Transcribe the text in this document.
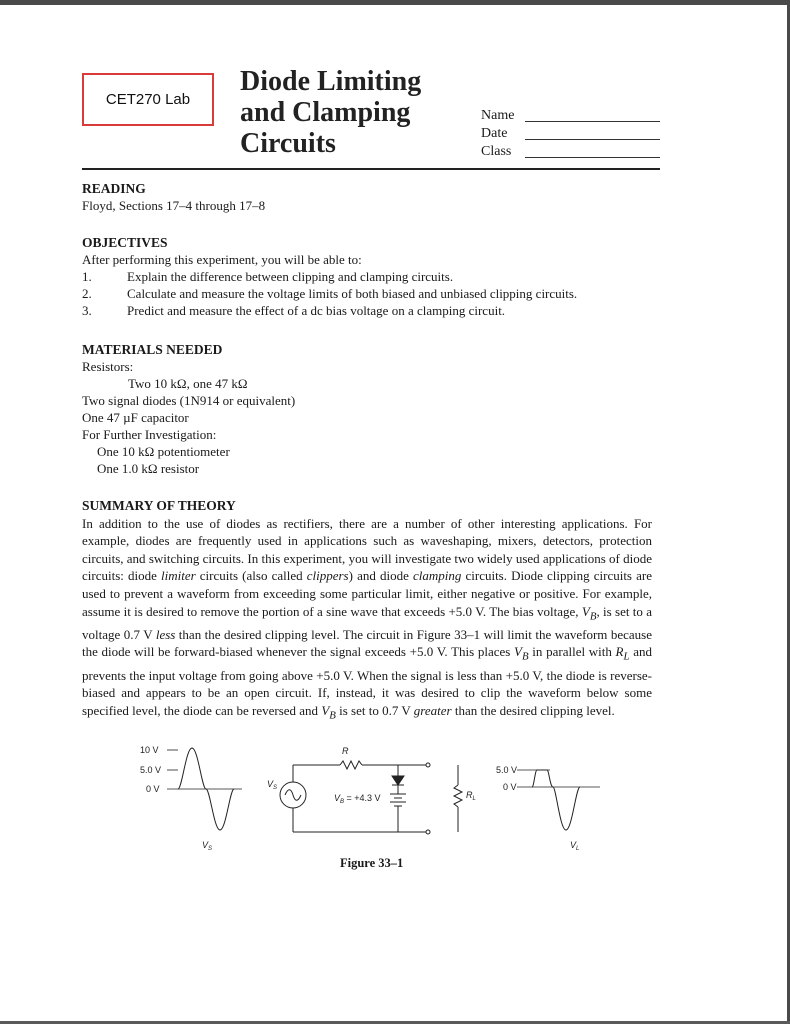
CET270 Lab
Diode Limiting
and Clamping
Circuits
Name
Date
Class
READING
Floyd, Sections 17–4 through 17–8
OBJECTIVES
After performing this experiment, you will be able to:
1.	Explain the difference between clipping and clamping circuits.
2.	Calculate and measure the voltage limits of both biased and unbiased clipping circuits.
3.	Predict and measure the effect of a dc bias voltage on a clamping circuit.
MATERIALS NEEDED
Resistors:
Two 10 kΩ, one 47 kΩ
Two signal diodes (1N914 or equivalent)
One 47 µF capacitor
For Further Investigation:
One 10 kΩ potentiometer
One 1.0 kΩ resistor
SUMMARY OF THEORY

In addition to the use of diodes as rectifiers, there are a number of other interesting applications. For example, diodes are frequently used in applications such as waveshaping, mixers, detectors, protection circuits, and switching circuits. In this experiment, you will investigate two widely used applications of diode circuits: diode limiter circuits (also called clippers) and diode clamping circuits. Diode clipping circuits are used to prevent a waveform from exceeding some particular limit, either negative or positive. For example, assume it is desired to remove the portion of a sine wave that exceeds +5.0 V. The bias voltage, $V_B$, is set to a voltage 0.7 V less than the desired clipping level. The circuit in Figure 33–1 will limit the waveform because the diode will be forward-biased whenever the signal exceeds +5.0 V. This places $V_B$ in parallel with $R_L$ and prevents the input voltage from going above +5.0 V. When the signal is less than +5.0 V, the diode is reverse-biased and appears to be an open circuit. If, instead, it was desired to clip the waveform below some specified level, the diode can be reversed and $V_B$ is set to 0.7 V greater than the desired clipping level.

10 V
5.0 V
0 V
$V_S$
R
$V_S$
$V_B = +4.3$ V	$R_L$
5.0 V
0 V
$V_L$
Figure 33–1
